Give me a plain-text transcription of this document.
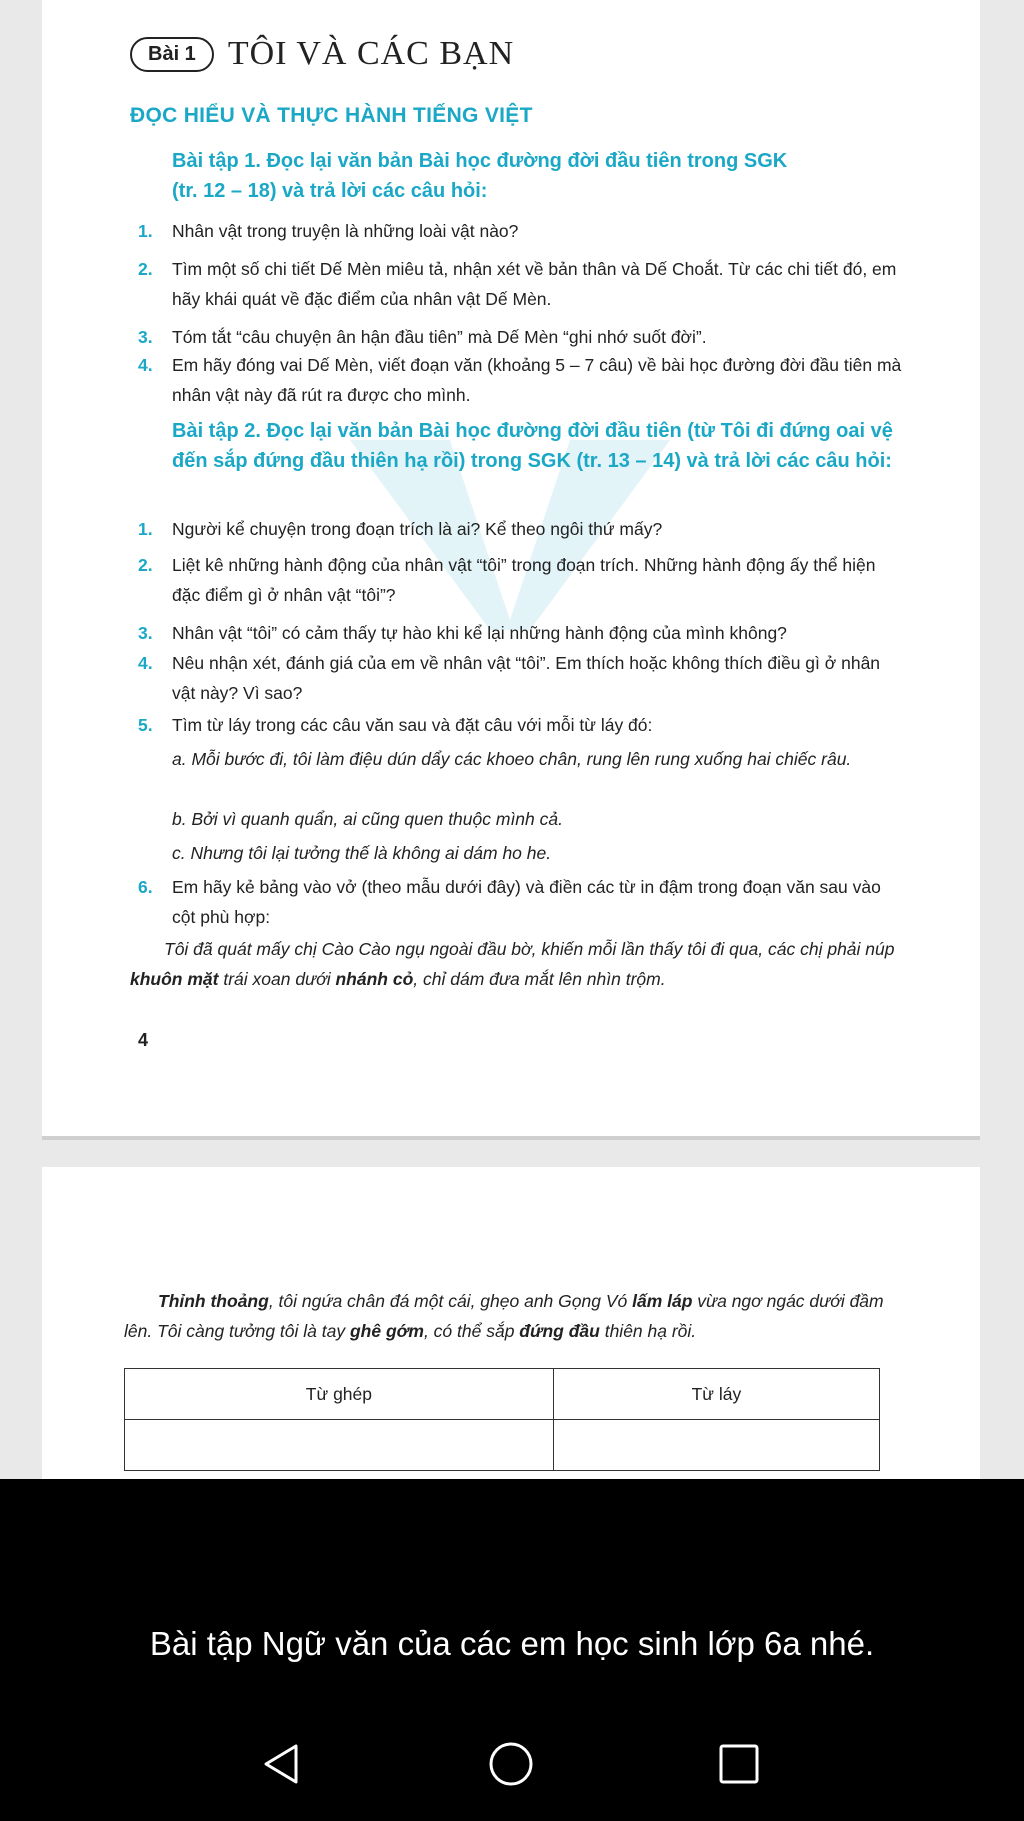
Bài 1 TÔI VÀ CÁC BẠN
ĐỌC HIỂU VÀ THỰC HÀNH TIẾNG VIỆT
Bài tập 1. Đọc lại văn bản Bài học đường đời đầu tiên trong SGK
(tr. 12 – 18) và trả lời các câu hỏi:
1.	Nhân vật trong truyện là những loài vật nào?
2.	Tìm một số chi tiết Dế Mèn miêu tả, nhận xét về bản thân và Dế Choắt. Từ các chi tiết đó, em hãy khái quát về đặc điểm của nhân vật Dế Mèn.
3.	Tóm tắt “câu chuyện ân hận đầu tiên” mà Dế Mèn “ghi nhớ suốt đời”.
4.	Em hãy đóng vai Dế Mèn, viết đoạn văn (khoảng 5 – 7 câu) về bài học đường đời đầu tiên mà nhân vật này đã rút ra được cho mình.
Bài tập 2. Đọc lại văn bản Bài học đường đời đầu tiên (từ Tôi đi đứng oai vệ đến sắp đứng đầu thiên hạ rồi) trong SGK (tr. 13 – 14) và trả lời các câu hỏi:
1.	Người kể chuyện trong đoạn trích là ai? Kể theo ngôi thứ mấy?
2.	Liệt kê những hành động của nhân vật “tôi” trong đoạn trích. Những hành động ấy thể hiện đặc điểm gì ở nhân vật “tôi”?
3.	Nhân vật “tôi” có cảm thấy tự hào khi kể lại những hành động của mình không?
4.	Nêu nhận xét, đánh giá của em về nhân vật “tôi”. Em thích hoặc không thích điều gì ở nhân vật này? Vì sao?
5.	Tìm từ láy trong các câu văn sau và đặt câu với mỗi từ láy đó:
a. Mỗi bước đi, tôi làm điệu dún dẩy các khoeo chân, rung lên rung xuống hai chiếc râu.
b. Bởi vì quanh quẩn, ai cũng quen thuộc mình cả.
c. Nhưng tôi lại tưởng thế là không ai dám ho he.
6.	Em hãy kẻ bảng vào vở (theo mẫu dưới đây) và điền các từ in đậm trong đoạn văn sau vào cột phù hợp:
Tôi đã quát mấy chị Cào Cào ngụ ngoài đầu bờ, khiến mỗi lần thấy tôi đi qua, các chị phải núp khuôn mặt trái xoan dưới nhánh cỏ, chỉ dám đưa mắt lên nhìn trộm.
4
Thỉnh thoảng, tôi ngứa chân đá một cái, ghẹo anh Gọng Vó lấm láp vừa ngơ ngác dưới đầm lên. Tôi càng tưởng tôi là tay ghê gớm, có thể sắp đứng đầu thiên hạ rồi.
Từ ghép	Từ láy

Bài tập Ngữ văn của các em học sinh lớp 6a nhé.
